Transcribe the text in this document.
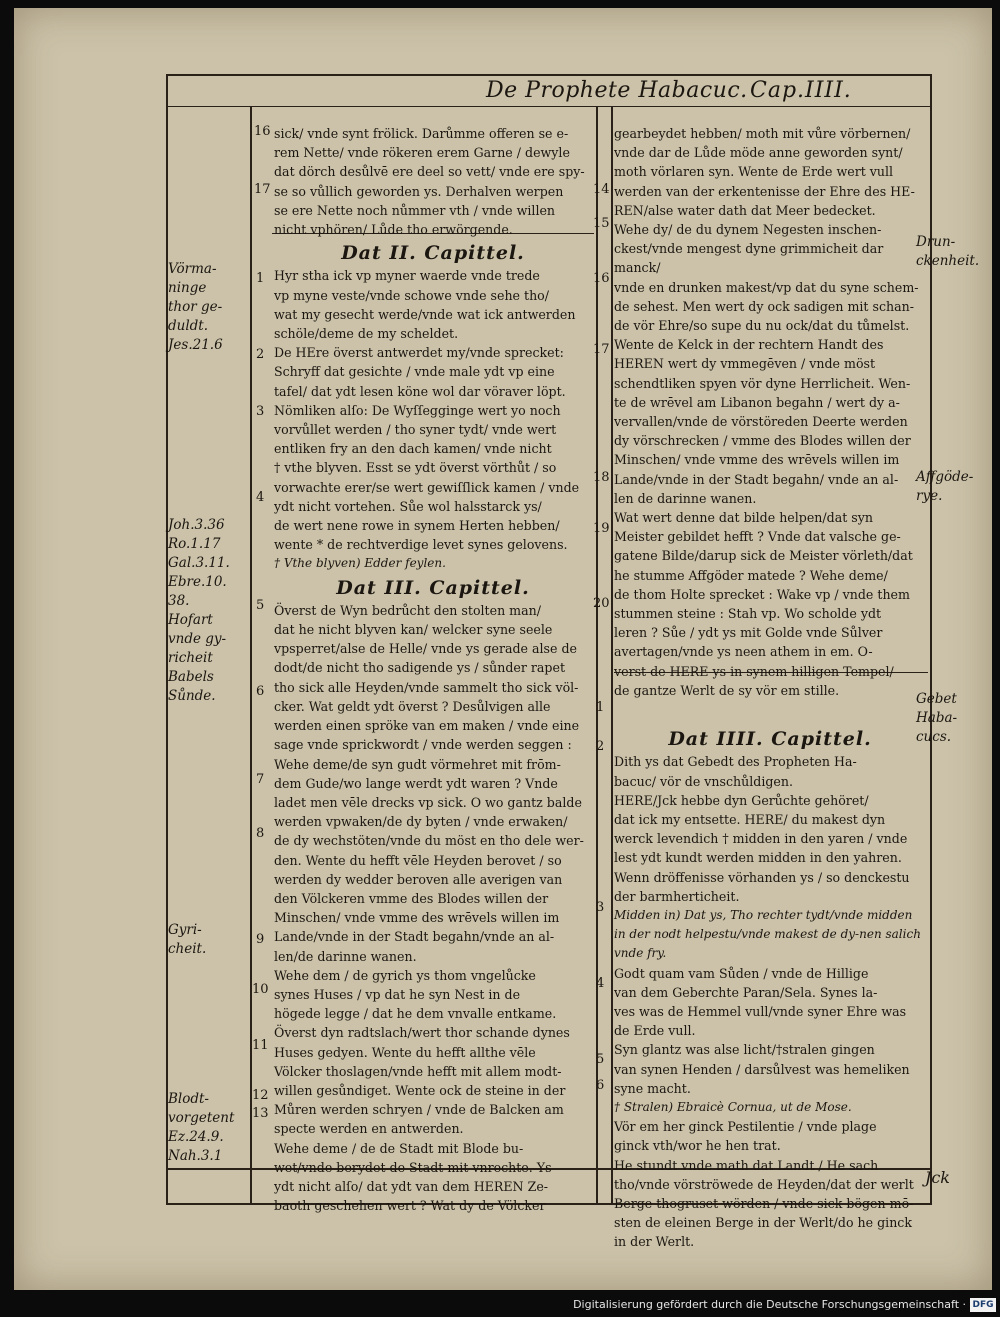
De Prophete Habacuc. Cap.IIII.

sick/ vnde synt frölick. Darůmme offeren se e-

rem Nette/ vnde rökeren erem Garne / dewyle

dat dörch desůlvē ere deel so vett/ vnde ere spy-

se so vůllich geworden ys. Derhalven werpen

se ere Nette noch nůmmer vth / vnde willen

nicht vphören/ Lůde tho erwörgende.

Dat II. Capittel.

Hyr stha ick vp myner waerde vnde trede

vp myne veste/vnde schowe vnde sehe tho/

wat my gesecht werde/vnde wat ick antwerden

schöle/deme de my scheldet.

De HEre överst antwerdet my/vnde sprecket:

Schryff dat gesichte / vnde male ydt vp eine

tafel/ dat ydt lesen köne wol dar vöraver löpt.

Nömliken alſo: De Wyſſegginge wert yo noch

vorvůllet werden / tho syner tydt/ vnde wert

entliken fry an den dach kamen/ vnde nicht

† vthe blyven. Esst se ydt överst vörthůt / so

vorwachte erer/se wert gewiſſlick kamen / vnde

ydt nicht vortehen. Sůe wol halsstarck ys/

de wert nene rowe in synem Herten hebben/

wente * de rechtverdige levet synes gelovens.

† Vthe blyven) Edder feylen.

Dat III. Capittel.

Överst de Wyn bedrůcht den stolten man/

dat he nicht blyven kan/ welcker syne seele

vpsperret/alse de Helle/ vnde ys gerade alse de

dodt/de nicht tho sadigende ys / sůnder rapet

tho sick alle Heyden/vnde sammelt tho sick völ-

cker. Wat geldt ydt överst ? Desůlvigen alle

werden einen spröke van em maken / vnde eine

sage vnde sprickwordt / vnde werden seggen :

Wehe deme/de syn gudt vörmehret mit frōm-

dem Gude/wo lange werdt ydt waren ? Vnde

ladet men vēle drecks vp sick. O wo gantz balde

werden vpwaken/de dy byten / vnde erwaken/

de dy wechstöten/vnde du möst en tho dele wer-

den. Wente du hefft vēle Heyden berovet / so

werden dy wedder beroven alle averigen van

den Völckeren vmme des Blodes willen der

Minschen/ vnde vmme des wrēvels willen im

Lande/vnde in der Stadt begahn/vnde an al-

len/de darinne wanen.

Wehe dem / de gyrich ys thom vngelůcke

synes Huses / vp dat he syn Nest in de

högede legge / dat he dem vnvalle entkame.

Överst dyn radtslach/wert thor schande dynes

Huses gedyen. Wente du hefft allthe vēle

Völcker thoslagen/vnde hefft mit allem modt-

willen gesůndiget. Wente ock de steine in der

Můren werden schryen / vnde de Balcken am

specte werden en antwerden.

Wehe deme / de de Stadt mit Blode bu-

wet/vnde berydet de Stadt mit vnrechte. Ys

ydt nicht alſo/ dat ydt van dem HEREN Ze-

baoth geschehen wert ? Wat dy de Völcker

16
17
1
2
3
4
5
6
7
8
9
10
11
12
13

gearbeydet hebben/ moth mit vůre vörbernen/

vnde dar de Lůde möde anne geworden synt/

moth vörlaren syn. Wente de Erde wert vull

werden van der erkentenisse der Ehre des HE-

REN/alse water dath dat Meer bedecket.

Wehe dy/ de du dynem Negesten inschen-

ckest/vnde mengest dyne grimmicheit dar manck/

vnde en drunken makest/vp dat du syne schem-

de sehest. Men wert dy ock sadigen mit schan-

de vör Ehre/so supe du nu ock/dat du tůmelst.

Wente de Kelck in der rechtern Handt des

HEREN wert dy vmmegēven / vnde möst

schendtliken spyen vör dyne Herrlicheit. Wen-

te de wrēvel am Libanon begahn / wert dy a-

vervallen/vnde de vörstöreden Deerte werden

dy vörschrecken / vmme des Blodes willen der

Minschen/ vnde vmme des wrēvels willen im

Lande/vnde in der Stadt begahn/ vnde an al-

len de darinne wanen.

Wat wert denne dat bilde helpen/dat syn

Meister gebildet hefft ? Vnde dat valsche ge-

gatene Bilde/darup sick de Meister vörleth/dat

he stumme Affgöder matede ? Wehe deme/

de thom Holte sprecket : Wake vp / vnde them

stummen steine : Stah vp. Wo scholde ydt

leren ? Sůe / ydt ys mit Golde vnde Sůlver

avertagen/vnde ys neen athem in em. O-

verst de HERE ys in synem hilligen Tempel/

de gantze Werlt de sy vör em stille.

Dat IIII. Capittel.

Dith ys dat Gebedt des Propheten Ha-

bacuc/ vör de vnschůldigen.

HERE/Jck hebbe dyn Gerůchte gehöret/

dat ick my entsette. HERE/ du makest dyn

werck levendich † midden in den yaren / vnde

lest ydt kundt werden midden in den yahren.

Wenn dröffenisse vörhanden ys / so denckestu

der barmherticheit.

Midden in) Dat ys, Tho rechter tydt/vnde midden in der nodt helpestu/vnde makest de dy-nen salich vnde fry.

Godt quam vam Sůden / vnde de Hillige

van dem Geberchte Paran/Sela. Synes la-

ves was de Hemmel vull/vnde syner Ehre was

de Erde vull.

Syn glantz was alse licht/†stralen gingen

van synen Henden / darsůlvest was hemeliken

syne macht.

† Stralen) Ebraicè Cornua, ut de Mose.

Vör em her ginck Pestilentie / vnde plage

ginck vth/wor he hen trat.

He stundt vnde math dat Landt / He sach

tho/vnde vörströwede de Heyden/dat der werlt

Berge thogruset wörden / vnde sick bögen mō-

sten de eleinen Berge in der Werlt/do he ginck

in der Werlt.

14
15
16
17
18
19
20
1
2
3
4
5
6
Vörma-
ninge
thor ge-
duldt.
Jes.21.6
Joh.3.36
Ro.1.17
Gal.3.11.
Ebre.10.
38.
Hofart
vnde gy-
richeit
Babels
Sůnde.
Gyri-
cheit.
Blodt-
vorgetent
Ez.24.9.
Nah.3.1
Drun-
ckenheit.
Affgöde-
rye.
Gebet
Haba-
cucs.
Jck
Digitalisierung gefördert durch die Deutsche Forschungsgemeinschaft · DFG
